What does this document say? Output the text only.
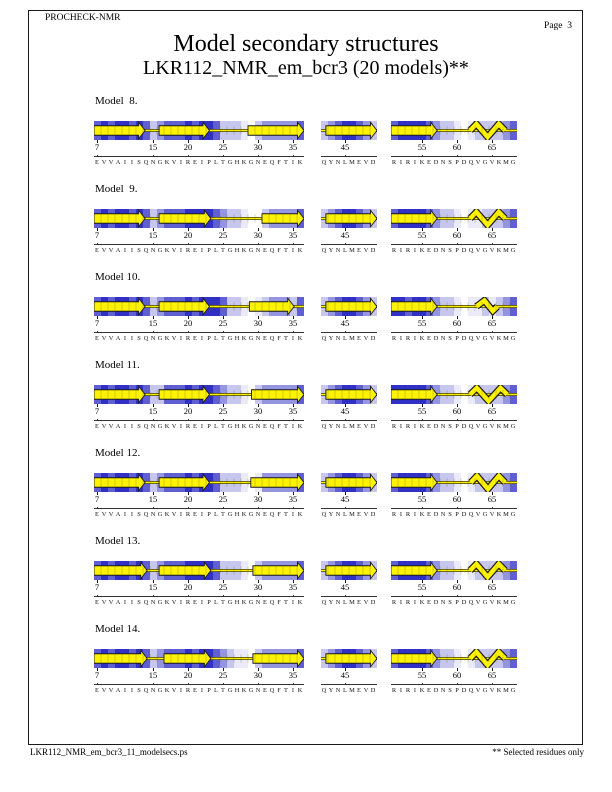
PROCHECK-NMR
Page  3
Model secondary structures
LKR112_NMR_em_bcr3 (20 models)**
Model  8.
7	15	20	25	30	35
E V V A I I S Q N G K V I R E I P L T G H K G N E Q F T I K
45
Q Y N L M E V D
55	60	65
R I R I K E D N S P D Q V G V K M G
Model  9.
7	15	20	25	30	35
E V V A I I S Q N G K V I R E I P L T G H K G N E Q F T I K
45
Q Y N L M E V D
55	60	65
R I R I K E D N S P D Q V G V K M G
Model 10.
7	15	20	25	30	35
E V V A I I S Q N G K V I R E I P L T G H K G N E Q F T I K
45
Q Y N L M E V D
55	60	65
R I R I K E D N S P D Q V G V K M G
Model 11.
7	15	20	25	30	35
E V V A I I S Q N G K V I R E I P L T G H K G N E Q F T I K
45
Q Y N L M E V D
55	60	65
R I R I K E D N S P D Q V G V K M G
Model 12.
7	15	20	25	30	35
E V V A I I S Q N G K V I R E I P L T G H K G N E Q F T I K
45
Q Y N L M E V D
55	60	65
R I R I K E D N S P D Q V G V K M G
Model 13.
7	15	20	25	30	35
E V V A I I S Q N G K V I R E I P L T G H K G N E Q F T I K
45
Q Y N L M E V D
55	60	65
R I R I K E D N S P D Q V G V K M G
Model 14.
7	15	20	25	30	35
E V V A I I S Q N G K V I R E I P L T G H K G N E Q F T I K
45
Q Y N L M E V D
55	60	65
R I R I K E D N S P D Q V G V K M G
LKR112_NMR_em_bcr3_11_modelsecs.ps	** Selected residues only
